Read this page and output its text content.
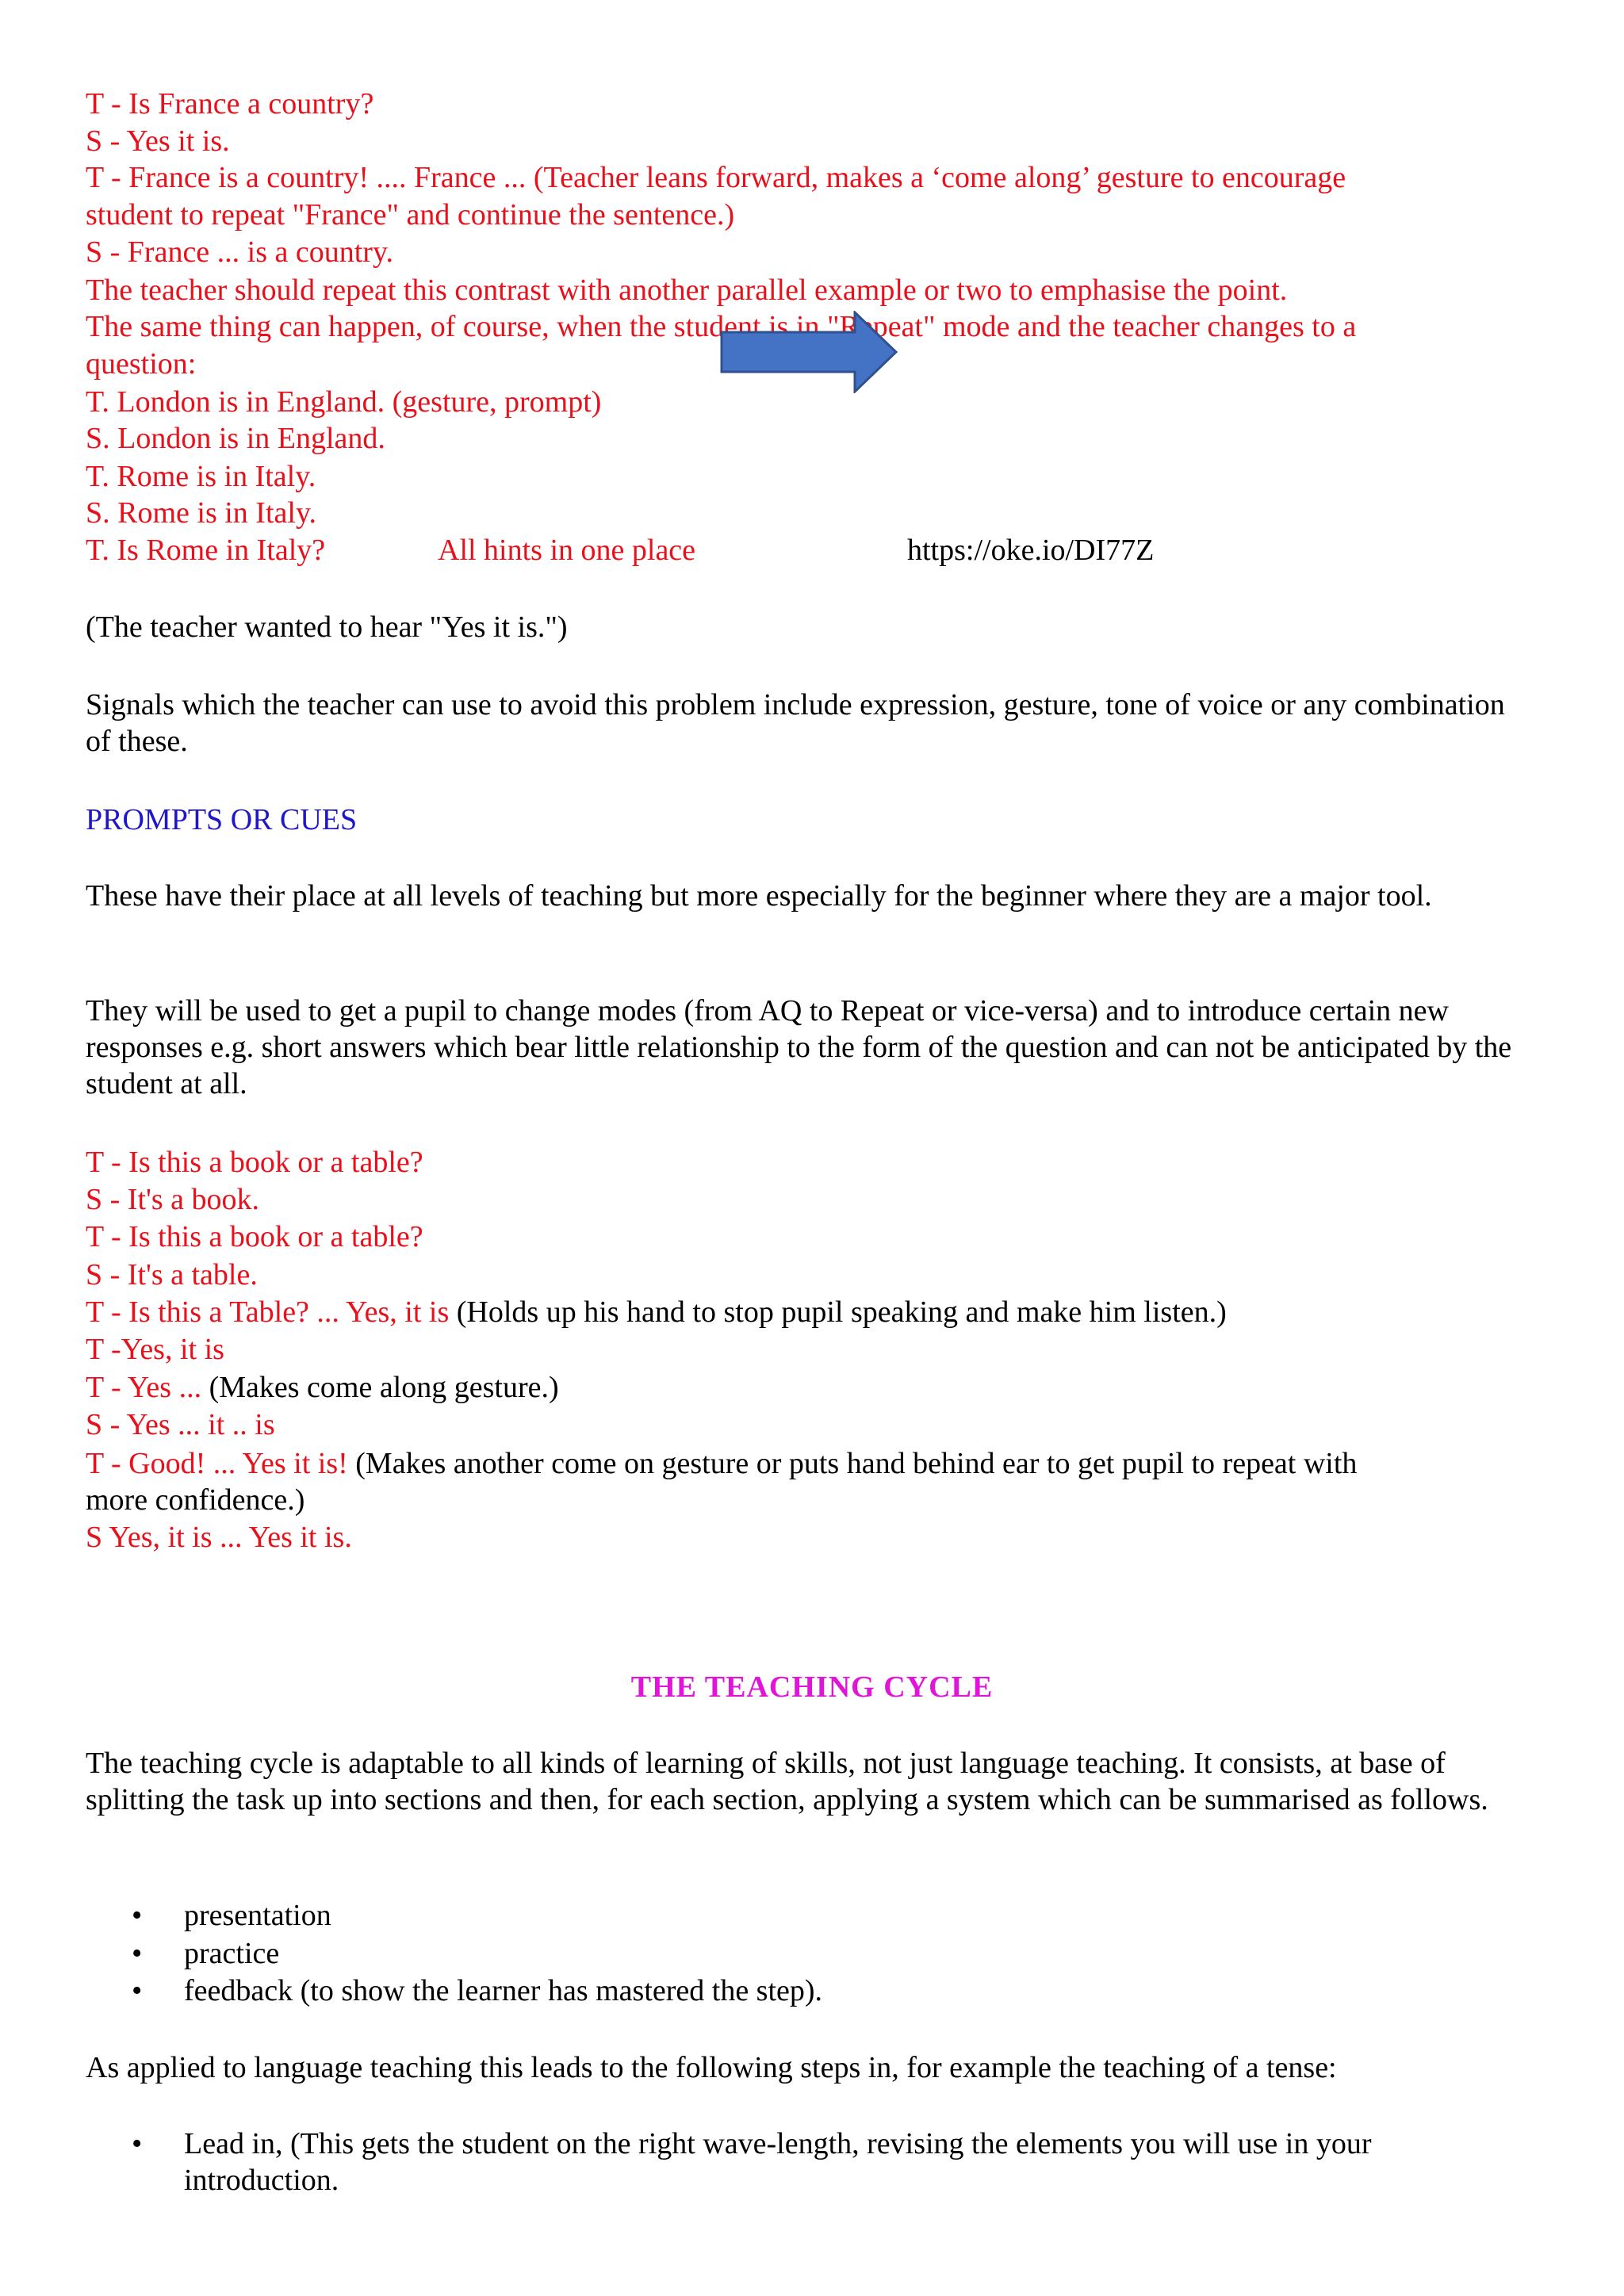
T - Is France a country?

S - Yes it is.

T - France is a country! .... France ... (Teacher leans forward, makes a ‘come along’ gesture to encourage

student to repeat "France" and continue the sentence.)

S - France ... is a country.

The teacher should repeat this contrast with another parallel example or two to emphasise the point.

The same thing can happen, of course, when the student is in "Repeat" mode and the teacher changes to a

question:

T. London is in England. (gesture, prompt)

S. London is in England.

T. Rome is in Italy.

S. Rome is in Italy.

T. Is Rome in Italy?	All hints in one place	https://oke.io/DI77Z

(The teacher wanted to hear "Yes it is.")

Signals which the teacher can use to avoid this problem include expression, gesture, tone of voice or any combination of these.

PROMPTS OR CUES

These have their place at all levels of teaching but more especially for the beginner where they are a major tool.

They will be used to get a pupil to change modes (from AQ to Repeat or vice-versa) and to introduce certain new responses e.g. short answers which bear little relationship to the form of the question and can not be anticipated by the student at all.

T - Is this a book or a table?

S - It's a book.

T - Is this a book or a table?

S - It's a table.

T - Is this a Table? ... Yes, it is (Holds up his hand to stop pupil speaking and make him listen.)

T -Yes, it is

T - Yes ... (Makes come along gesture.)

S - Yes ... it .. is

T - Good! ... Yes it is! (Makes another come on gesture or puts hand behind ear to get pupil to repeat with

more confidence.)

S Yes, it is ... Yes it is.

THE TEACHING CYCLE

The teaching cycle is adaptable to all kinds of learning of skills, not just language teaching. It consists, at base of splitting the task up into sections and then, for each section, applying a system which can be summarised as follows.

• presentation
• practice
• feedback (to show the learner has mastered the step).

As applied to language teaching this leads to the following steps in, for example the teaching of a tense:

• Lead in, (This gets the student on the right wave-length, revising the elements you will use in your introduction.
